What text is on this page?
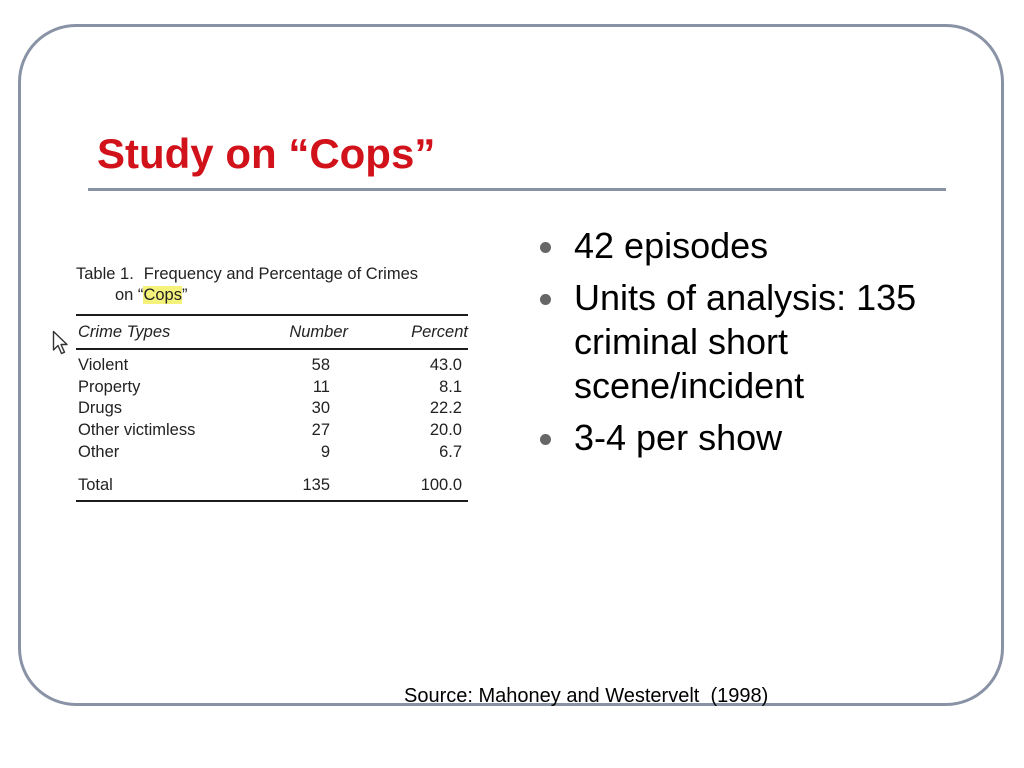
Study on “Cops”
Table 1. Frequency and Percentage of Crimes
on “Cops”
Crime Types	Number	Percent
Violent	58	43.0
Property	11	8.1
Drugs	30	22.2
Other victimless	27	20.0
Other	9	6.7
Total	135	100.0
42 episodes
Units of analysis: 135 criminal short scene/incident
3-4 per show
Source: Mahoney and Westervelt  (1998)
